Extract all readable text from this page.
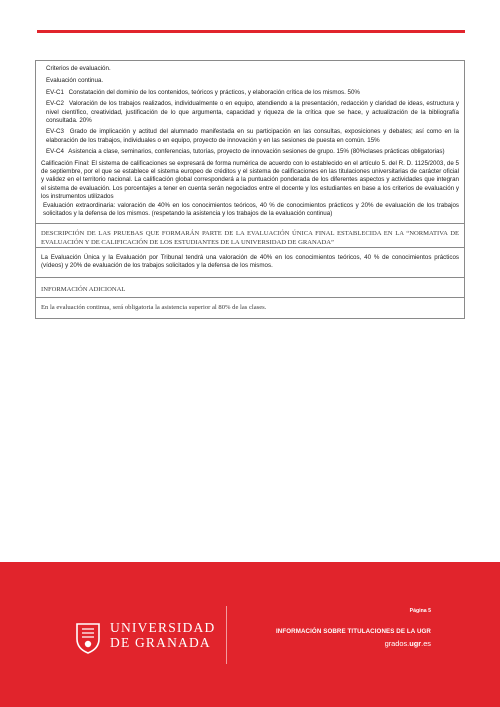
Criterios de evaluación.
Evaluación continua.
EV-C1 Constatación del dominio de los contenidos, teóricos y prácticos, y elaboración crítica de los mismos. 50%
EV-C2 Valoración de los trabajos realizados, individualmente o en equipo, atendiendo a la presentación, redacción y claridad de ideas, estructura y nivel científico, creatividad, justificación de lo que argumenta, capacidad y riqueza de la crítica que se hace, y actualización de la bibliografía consultada. 20%
EV-C3 Grado de implicación y actitud del alumnado manifestada en su participación en las consultas, exposiciones y debates; así como en la elaboración de los trabajos, individuales o en equipo, proyecto de innovación y en las sesiones de puesta en común. 15%
EV-C4 Asistencia a clase, seminarios, conferencias, tutorías, proyecto de innovación sesiones de grupo. 15% (80%clases prácticas obligatorias)
Calificación Final: El sistema de calificaciones se expresará de forma numérica de acuerdo con lo establecido en el artículo 5. del R. D. 1125/2003, de 5 de septiembre, por el que se establece el sistema europeo de créditos y el sistema de calificaciones en las titulaciones universitarias de carácter oficial y validez en el territorio nacional. La calificación global corresponderá a la puntuación ponderada de los diferentes aspectos y actividades que integran el sistema de evaluación. Los porcentajes a tener en cuenta serán negociados entre el docente y los estudiantes en base a los criterios de evaluación y los instrumentos utilizados
Evaluación extraordinaria: valoración de 40% en los conocimientos teóricos, 40 % de conocimientos prácticos y 20% de evaluación de los trabajos solicitados y la defensa de los mismos. (respetando la asistencia y los trabajos de la evaluación continua)
DESCRIPCIÓN DE LAS PRUEBAS QUE FORMARÁN PARTE DE LA EVALUACIÓN ÚNICA FINAL ESTABLECIDA EN LA “NORMATIVA DE EVALUACIÓN Y DE CALIFICACIÓN DE LOS ESTUDIANTES DE LA UNIVERSIDAD DE GRANADA”
La Evaluación Única y la Evaluación por Tribunal tendrá una valoración de 40% en los conocimientos teóricos, 40 % de conocimientos prácticos (vídeos) y 20% de evaluación de los trabajos solicitados y la defensa de los mismos.
INFORMACIÓN ADICIONAL
En la evaluación continua, será obligatoria la asistencia superior al 80% de las clases.
UNIVERSIDAD
DE GRANADA
Página 5
INFORMACIÓN SOBRE TITULACIONES DE LA UGR
grados.ugr.es
